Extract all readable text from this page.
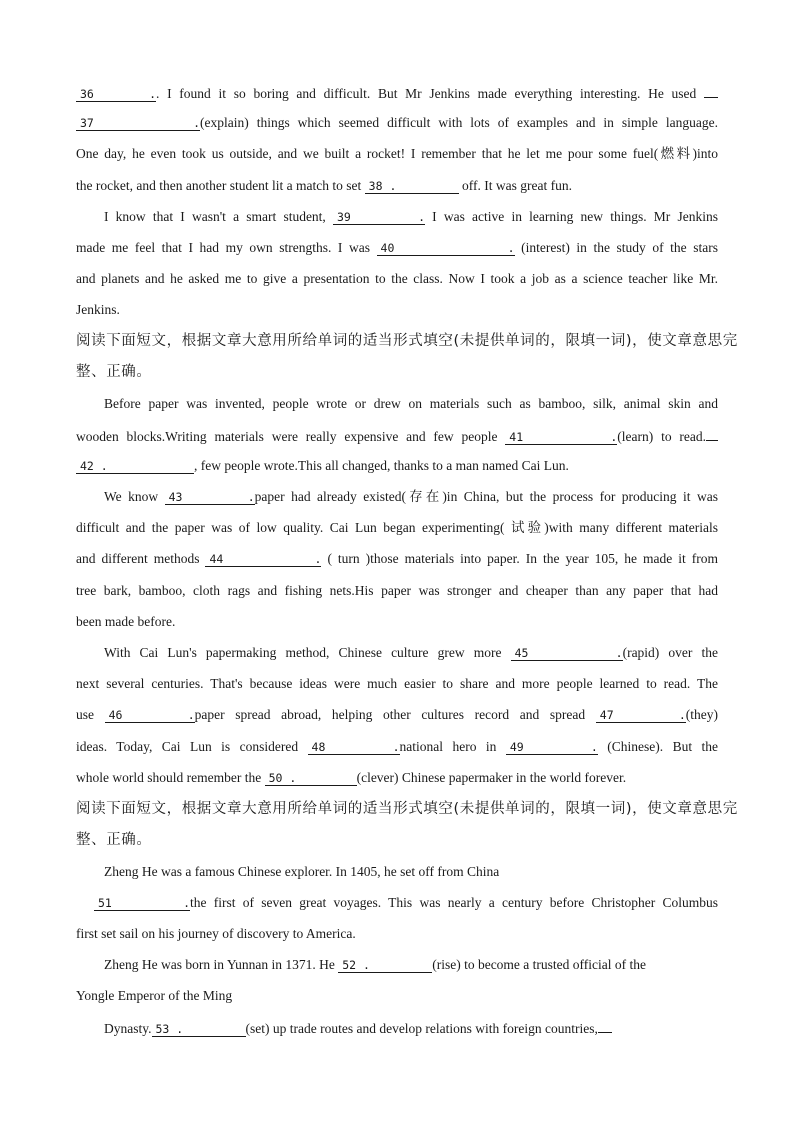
36 .. I found it so boring and difficult. But Mr Jenkins made everything interesting. He used
37 .(explain) things which seemed difficult with lots of examples and in simple language.
One day, he even took us outside, and we built a rocket! I remember that he let me pour some fuel(燃料)into
the rocket, and then another student lit a match to set 38 .	off. It was great fun.
I know that I wasn't a smart student, 39 . I was active in learning new things. Mr Jenkins
made me feel that I had my own strengths. I was 40 . (interest) in the study of the stars
and planets and he asked me to give a presentation to the class. Now I took a job as a science teacher like Mr.
Jenkins.
阅读下面短文，根据文章大意用所给单词的适当形式填空(未提供单词的，限填一词)，使文章意思完
整、正确。
Before paper was invented, people wrote or drew on materials such as bamboo, silk, animal skin and
wooden blocks.Writing materials were really expensive and few people 41 .(learn) to read.
42 .	, few people wrote.This all changed, thanks to a man named Cai Lun.
We know 43 .paper had already existed(存在)in China, but the process for producing it was
difficult and the paper was of low quality. Cai Lun began experimenting( 试验)with many different materials
and different methods 44 . ( turn )those materials into paper. In the year 105, he made it from
tree bark, bamboo, cloth rags and fishing nets.His paper was stronger and cheaper than any paper that had
been made before.
With Cai Lun's papermaking method, Chinese culture grew more 45 .(rapid) over the
next several centuries. That's because ideas were much easier to share and more people learned to read. The
use 46 .paper spread abroad, helping other cultures record and spread 47 .(they)
ideas. Today, Cai Lun is considered 48 .national hero in 49 . (Chinese). But the
whole world should remember the 50 .	(clever) Chinese papermaker in the world forever.
阅读下面短文，根据文章大意用所给单词的适当形式填空(未提供单词的，限填一词)，使文章意思完
整、正确。
Zheng He was a famous Chinese explorer. In 1405, he set off from China
51 .the first of seven great voyages. This was nearly a century before Christopher Columbus
first set sail on his journey of discovery to America.
Zheng He was born in Yunnan in 1371. He 52 .	(rise) to become a trusted official of the
Yongle Emperor of the Ming
Dynasty. 53 .	(set) up trade routes and develop relations with foreign countries,
